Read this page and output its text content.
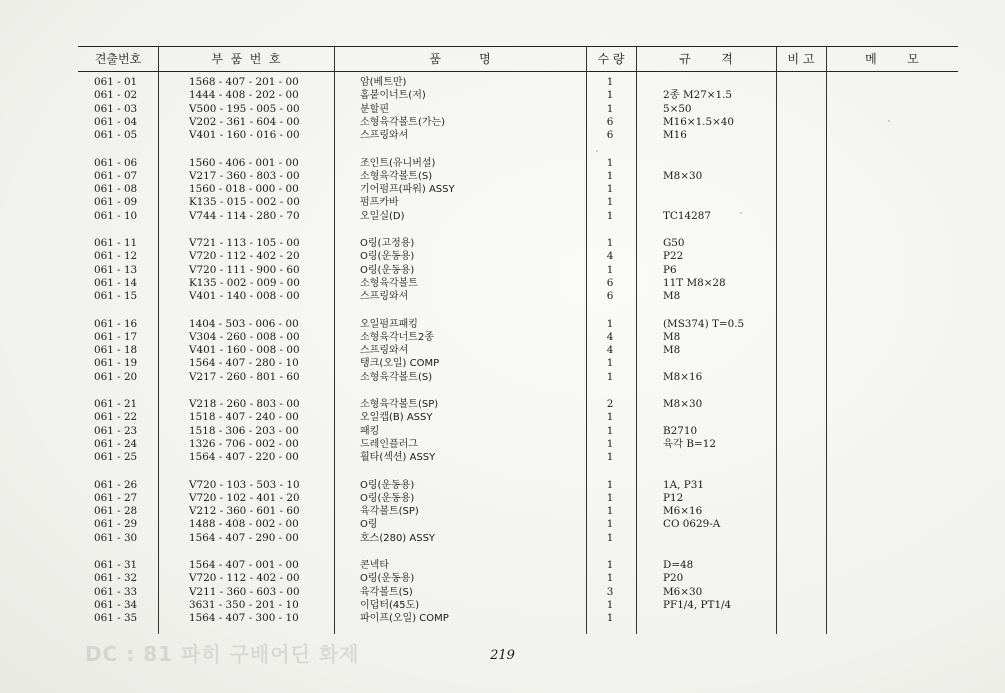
DC : 81 파히 구배어딘 화제
견출번호	부  품  번  호	품          명	수 량	규        격	비 고	메        모
061 - 01	1568 - 407 - 201 - 00	암(베트만)	1
061 - 02	1444 - 408 - 202 - 00	홈붙이너트(저)	1	2종 M27×1.5
061 - 03	V500 - 195 - 005 - 00	분할핀	1	5×50
061 - 04	V202 - 361 - 604 - 00	소형육각볼트(가는)	6	M16×1.5×40
061 - 05	V401 - 160 - 016 - 00	스프링와셔	6	M16
061 - 06	1560 - 406 - 001 - 00	조인트(유니버셜)	1
061 - 07	V217 - 360 - 803 - 00	소형육각볼트(S)	1	M8×30
061 - 08	1560 - 018 - 000 - 00	기어펌프(파워) ASSY	1
061 - 09	K135 - 015 - 002 - 00	펌프카바	1
061 - 10	V744 - 114 - 280 - 70	오일실(D)	1	TC14287
061 - 11	V721 - 113 - 105 - 00	O링(고정용)	1	G50
061 - 12	V720 - 112 - 402 - 20	O링(운동용)	4	P22
061 - 13	V720 - 111 - 900 - 60	O링(운동용)	1	P6
061 - 14	K135 - 002 - 009 - 00	소형육각볼트	6	11T M8×28
061 - 15	V401 - 140 - 008 - 00	스프링와셔	6	M8
061 - 16	1404 - 503 - 006 - 00	오일펌프패킹	1	(MS374) T=0.5
061 - 17	V304 - 260 - 008 - 00	소형육각너트2종	4	M8
061 - 18	V401 - 160 - 008 - 00	스프링와셔	4	M8
061 - 19	1564 - 407 - 280 - 10	탱크(오일) COMP	1
061 - 20	V217 - 260 - 801 - 60	소형육각볼트(S)	1	M8×16
061 - 21	V218 - 260 - 803 - 00	소형육각볼트(SP)	2	M8×30
061 - 22	1518 - 407 - 240 - 00	오일캡(B) ASSY	1
061 - 23	1518 - 306 - 203 - 00	패킹	1	B2710
061 - 24	1326 - 706 - 002 - 00	드레인플러그	1	육각 B=12
061 - 25	1564 - 407 - 220 - 00	휠타(섹션) ASSY	1
061 - 26	V720 - 103 - 503 - 10	O링(운동용)	1	1A, P31
061 - 27	V720 - 102 - 401 - 20	O링(운동용)	1	P12
061 - 28	V212 - 360 - 601 - 60	육각볼트(SP)	1	M6×16
061 - 29	1488 - 408 - 002 - 00	O링	1	CO 0629-A
061 - 30	1564 - 407 - 290 - 00	호스(280) ASSY	1
061 - 31	1564 - 407 - 001 - 00	콘넥타	1	D=48
061 - 32	V720 - 112 - 402 - 00	O링(운동용)	1	P20
061 - 33	V211 - 360 - 603 - 00	육각볼트(S)	3	M6×30
061 - 34	3631 - 350 - 201 - 10	이덥터(45도)	1	PF1/4, PT1/4
061 - 35	1564 - 407 - 300 - 10	파이프(오일) COMP	1
219
